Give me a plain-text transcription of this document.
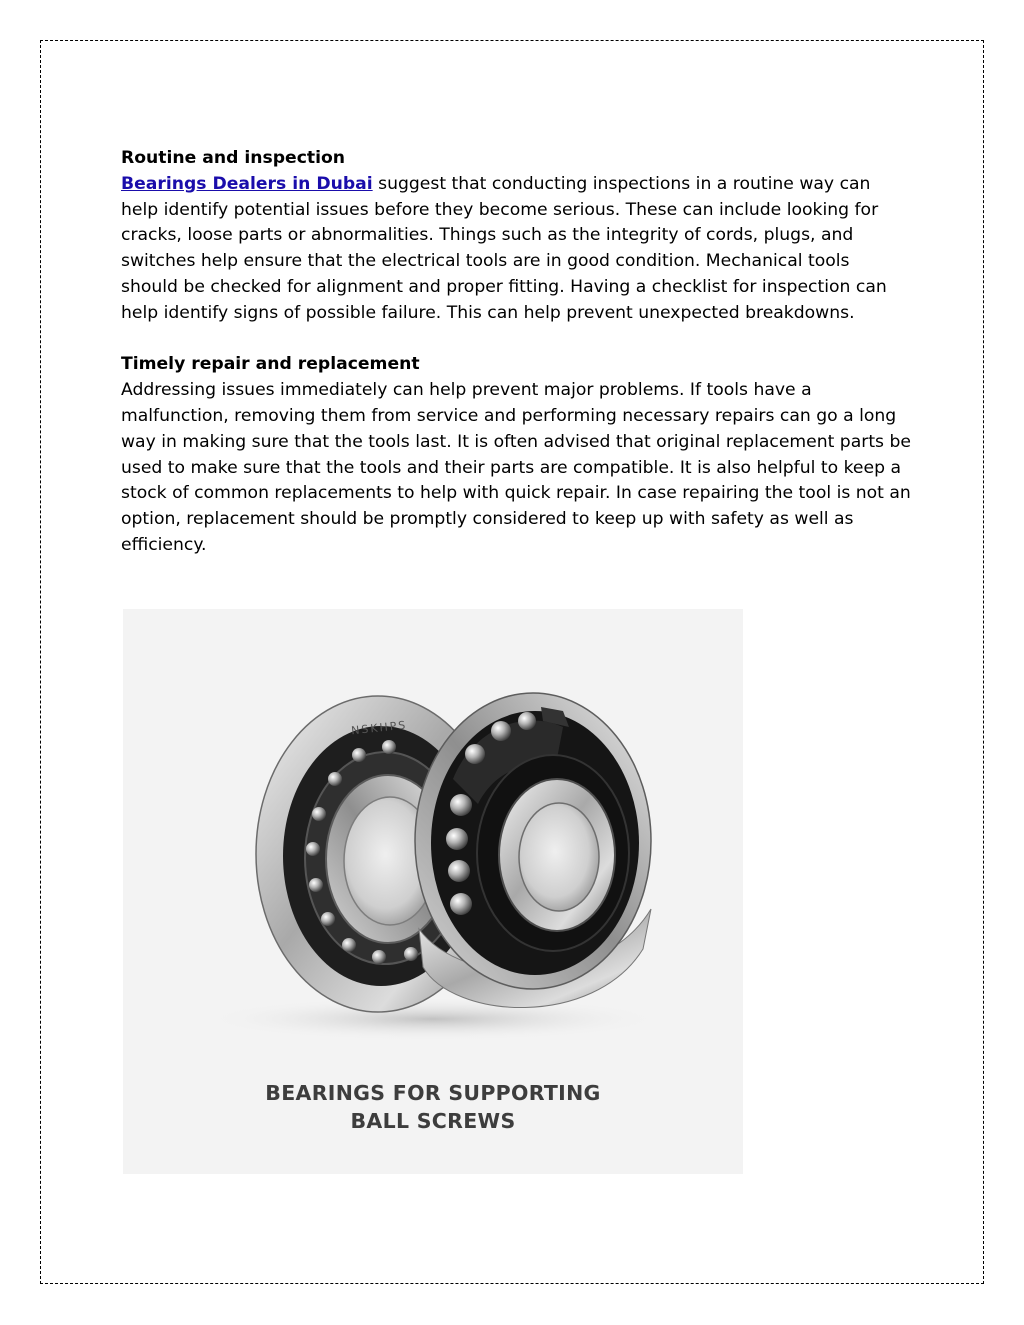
Routine and inspection

Bearings Dealers in Dubai suggest that conducting inspections in a routine way can help identify potential issues before they become serious. These can include looking for cracks, loose parts or abnormalities. Things such as the integrity of cords, plugs, and switches help ensure that the electrical tools are in good condition. Mechanical tools should be checked for alignment and proper fitting. Having a checklist for inspection can help identify signs of possible failure. This can help prevent unexpected breakdowns.

Timely repair and replacement

Addressing issues immediately can help prevent major problems. If tools have a malfunction, removing them from service and performing necessary repairs can go a long way in making sure that the tools last. It is often advised that original replacement parts be used to make sure that the tools and their parts are compatible. It is also helpful to keep a stock of common replacements to help with quick repair. In case repairing the tool is not an option, replacement should be promptly considered to keep up with safety as well as efficiency.

NSKHPS
BEARINGS FOR SUPPORTING
BALL SCREWS
